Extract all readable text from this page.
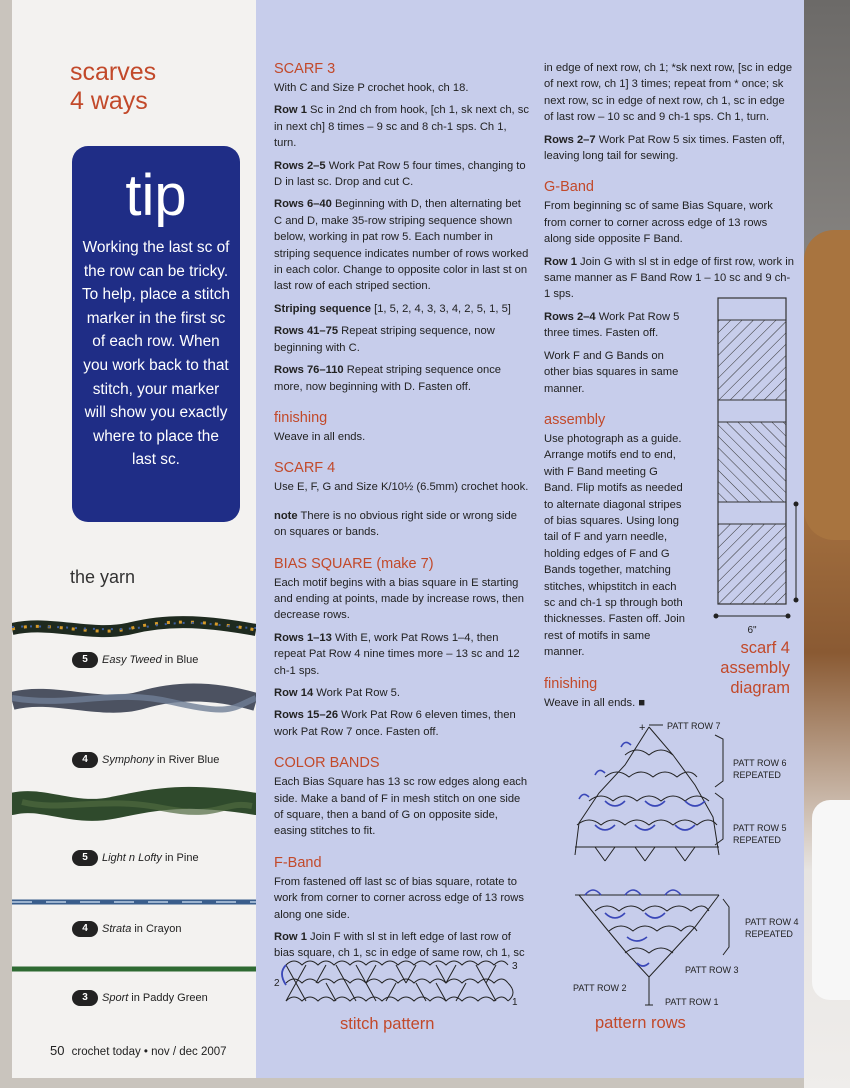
scarves
4 ways
tip
Working the last sc of the row can be tricky. To help, place a stitch marker in the first sc of each row. When you work back to that stitch, your marker will show you exactly where to place the last sc.
the yarn
5	Easy Tweed in Blue
4	Symphony in River Blue
5	Light n Lofty in Pine
4	Strata in Crayon
3	Sport in Paddy Green
50 crochet today • nov / dec 2007
SCARF 3

With C and Size P crochet hook, ch 18.

Row 1 Sc in 2nd ch from hook, [ch 1, sk next ch, sc in next ch] 8 times – 9 sc and 8 ch-1 sps. Ch 1, turn.

Rows 2–5 Work Pat Row 5 four times, changing to D in last sc. Drop and cut C.

Rows 6–40 Beginning with D, then alternating bet C and D, make 35-row striping sequence shown below, working in pat row 5. Each number in striping sequence indicates number of rows worked in each color. Change to opposite color in last st on last row of each striped section.

Striping sequence [1, 5, 2, 4, 3, 3, 4, 2, 5, 1, 5]

Rows 41–75 Repeat striping sequence, now beginning with C.

Rows 76–110 Repeat striping sequence once more, now beginning with D. Fasten off.

finishing

Weave in all ends.

SCARF 4

Use E, F, G and Size K/10½ (6.5mm) crochet hook.

note There is no obvious right side or wrong side on squares or bands.

BIAS SQUARE (make 7)

Each motif begins with a bias square in E starting and ending at points, made by increase rows, then decrease rows.

Rows 1–13 With E, work Pat Rows 1–4, then repeat Pat Row 4 nine times more – 13 sc and 12 ch-1 sps.

Row 14 Work Pat Row 5.

Rows 15–26 Work Pat Row 6 eleven times, then work Pat Row 7 once. Fasten off.

COLOR BANDS

Each Bias Square has 13 sc row edges along each side. Make a band of F in mesh stitch on one side of square, then a band of G on opposite side, easing stitches to fit.

F-Band

From fastened off last sc of bias square, rotate to work from corner to corner across edge of 13 rows along one side.

Row 1 Join F with sl st in left edge of last row of bias square, ch 1, sc in edge of same row, ch 1, sc

in edge of next row, ch 1; *sk next row, [sc in edge of next row, ch 1] 3 times; repeat from * once; sk next row, sc in edge of next row, ch 1, sc in edge of last row – 10 sc and 9 ch-1 sps. Ch 1, turn.

Rows 2–7 Work Pat Row 5 six times. Fasten off, leaving long tail for sewing.

G-Band

From beginning sc of same Bias Square, work from corner to corner across edge of 13 rows along side opposite F Band.

Row 1 Join G with sl st in edge of first row, work in same manner as F Band Row 1 – 10 sc and 9 ch-1 sps.

Rows 2–4 Work Pat Row 5 three times. Fasten off.

Work F and G Bands on other bias squares in same manner.

assembly

Use photograph as a guide. Arrange motifs end to end, with F Band meeting G Band. Flip motifs as needed to alternate diagonal stripes of bias squares. Using long tail of F and yarn needle, holding edges of F and G Bands together, matching stitches, whipstitch in each sc and ch-1 sp through both thicknesses. Fasten off. Join rest of motifs in same manner.

finishing

Weave in all ends. ■

6"
scarf 4
assembly
diagram
2
3
1
stitch pattern
+ PATT ROW 7
PATT ROW 6
REPEATED
PATT ROW 5
REPEATED
PATT ROW 4
REPEATED
PATT ROW 3
PATT ROW 2
PATT ROW 1
pattern rows
